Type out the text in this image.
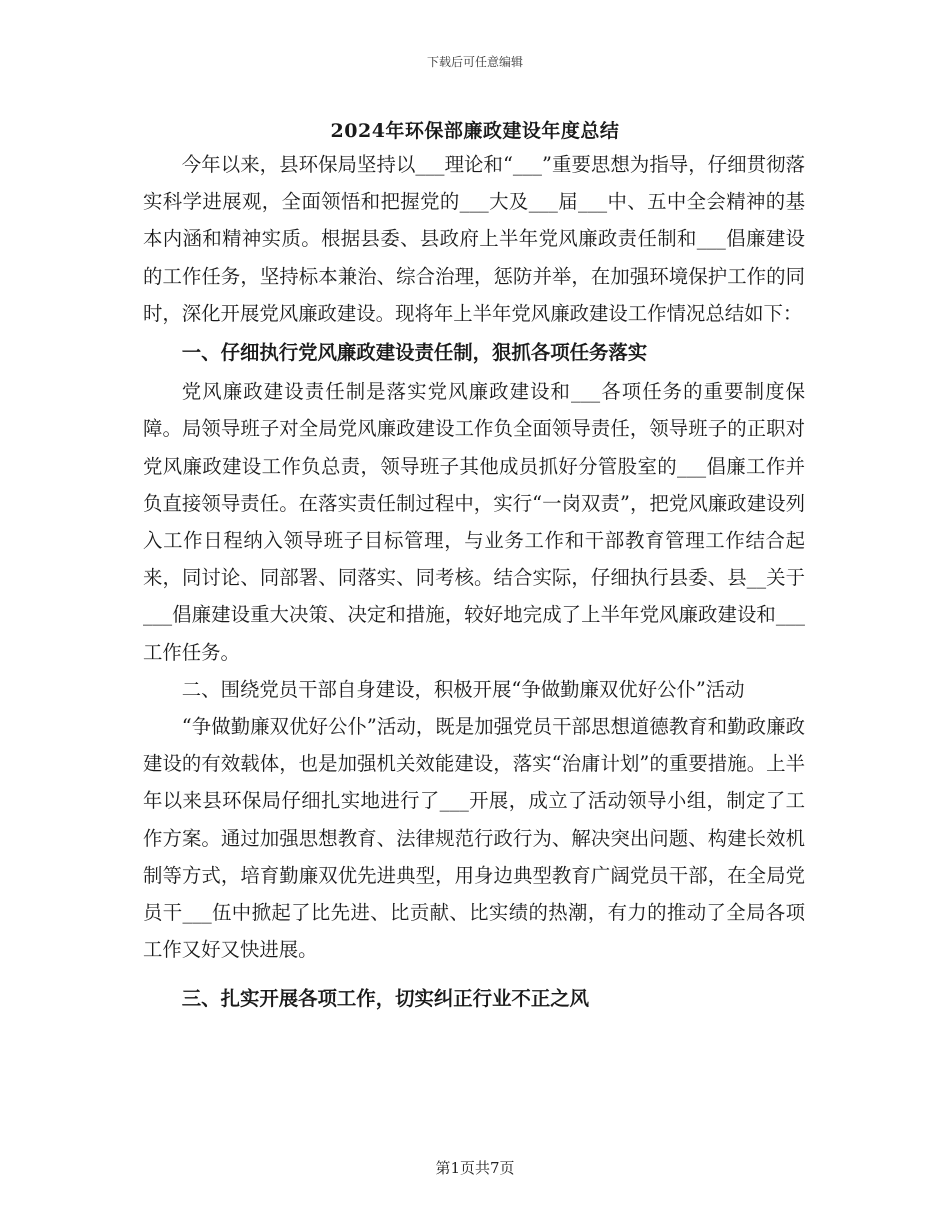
下载后可任意编辑
2024年环保部廉政建设年度总结

今年以来，县环保局坚持以___理论和“___”重要思想为指导，仔细贯彻落实科学进展观，全面领悟和把握党的___大及___届___中、五中全会精神的基本内涵和精神实质。根据县委、县政府上半年党风廉政责任制和___倡廉建设的工作任务，坚持标本兼治、综合治理，惩防并举，在加强环境保护工作的同时，深化开展党风廉政建设。现将年上半年党风廉政建设工作情况总结如下：

一、仔细执行党风廉政建设责任制，狠抓各项任务落实

党风廉政建设责任制是落实党风廉政建设和___各项任务的重要制度保障。局领导班子对全局党风廉政建设工作负全面领导责任，领导班子的正职对党风廉政建设工作负总责，领导班子其他成员抓好分管股室的___倡廉工作并负直接领导责任。在落实责任制过程中，实行“一岗双责”，把党风廉政建设列入工作日程纳入领导班子目标管理，与业务工作和干部教育管理工作结合起来，同讨论、同部署、同落实、同考核。结合实际，仔细执行县委、县__关于___倡廉建设重大决策、决定和措施，较好地完成了上半年党风廉政建设和___工作任务。

二、围绕党员干部自身建设，积极开展“争做勤廉双优好公仆”活动

“争做勤廉双优好公仆”活动，既是加强党员干部思想道德教育和勤政廉政建设的有效载体，也是加强机关效能建设，落实“治庸计划”的重要措施。上半年以来县环保局仔细扎实地进行了___开展，成立了活动领导小组，制定了工作方案。通过加强思想教育、法律规范行政行为、解决突出问题、构建长效机制等方式，培育勤廉双优先进典型，用身边典型教育广阔党员干部，在全局党员干___伍中掀起了比先进、比贡献、比实绩的热潮，有力的推动了全局各项工作又好又快进展。

三、扎实开展各项工作，切实纠正行业不正之风

第1页共7页
